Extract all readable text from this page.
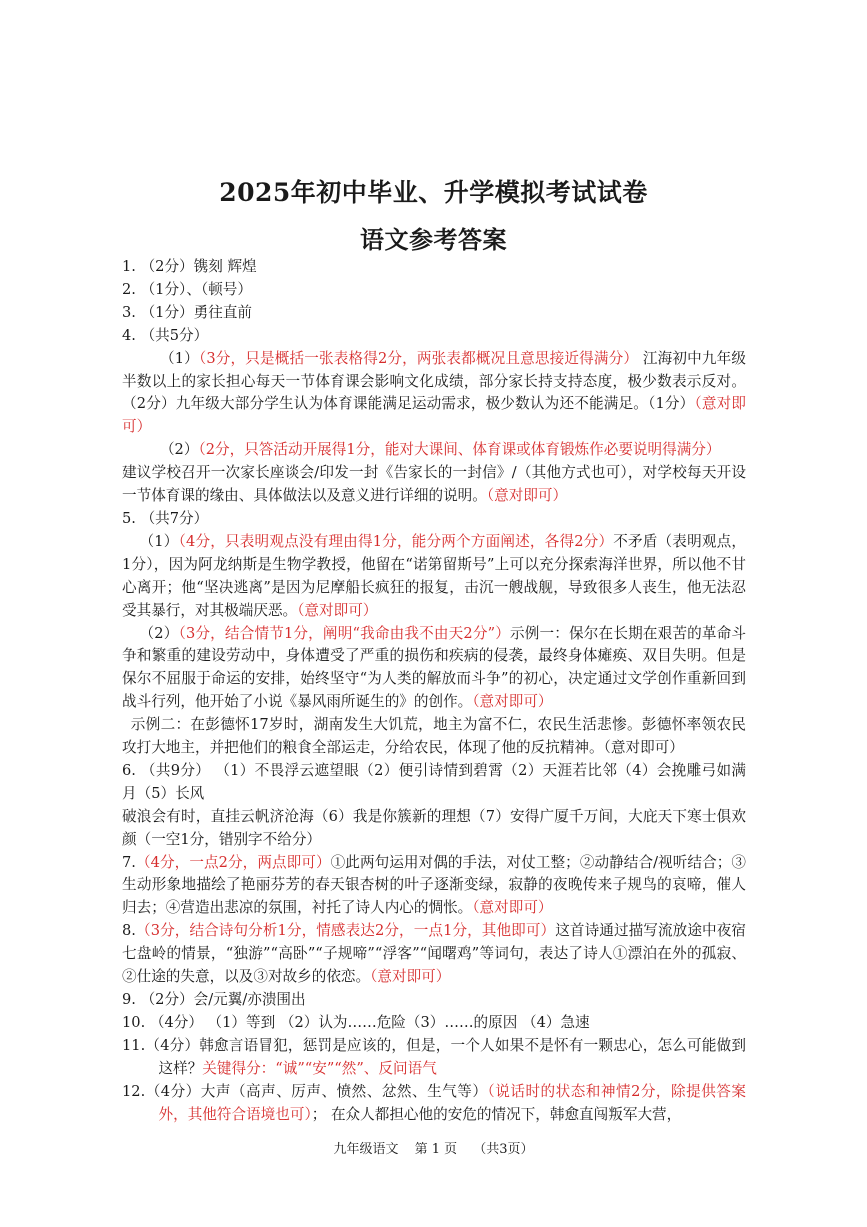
2025年初中毕业、升学模拟考试试卷
语文参考答案

1. （2分）镌刻 辉煌

2. （1分）、（顿号）

3. （1分）勇往直前

4. （共5分）

（1）（3分，只是概括一张表格得2分，两张表都概况且意思接近得满分） 江海初中九年级半数以上的家长担心每天一节体育课会影响文化成绩，部分家长持支持态度，极少数表示反对。（2分）九年级大部分学生认为体育课能满足运动需求，极少数认为还不能满足。（1分）（意对即可）

（2）（2分，只答活动开展得1分，能对大课间、体育课或体育锻炼作必要说明得满分）

建议学校召开一次家长座谈会/印发一封《告家长的一封信》/（其他方式也可），对学校每天开设一节体育课的缘由、具体做法以及意义进行详细的说明。（意对即可）

5. （共7分）

（1）（4分，只表明观点没有理由得1分，能分两个方面阐述，各得2分）不矛盾（表明观点，1分），因为阿龙纳斯是生物学教授，他留在“诺第留斯号”上可以充分探索海洋世界，所以他不甘心离开；他“坚决逃离”是因为尼摩船长疯狂的报复，击沉一艘战舰，导致很多人丧生，他无法忍受其暴行，对其极端厌恶。（意对即可）

（2）（3分，结合情节1分，阐明“我命由我不由天2分”）示例一：保尔在长期在艰苦的革命斗争和繁重的建设劳动中，身体遭受了严重的损伤和疾病的侵袭，最终身体瘫痪、双目失明。但是保尔不屈服于命运的安排，始终坚守“为人类的解放而斗争”的初心，决定通过文学创作重新回到战斗行列，他开始了小说《暴风雨所诞生的》的创作。（意对即可）

示例二：在彭德怀17岁时，湖南发生大饥荒，地主为富不仁，农民生活悲惨。彭德怀率领农民攻打大地主，并把他们的粮食全部运走，分给农民，体现了他的反抗精神。（意对即可）

6. （共9分） （1）不畏浮云遮望眼（2）便引诗情到碧霄（2）天涯若比邻（4）会挽雕弓如满月（5）长风

破浪会有时，直挂云帆济沧海（6）我是你簇新的理想（7）安得广厦千万间，大庇天下寒士俱欢颜（一空1分，错别字不给分）

7.（4分，一点2分，两点即可）①此两句运用对偶的手法，对仗工整；②动静结合/视听结合；③生动形象地描绘了艳丽芬芳的春天银杏树的叶子逐渐变绿，寂静的夜晚传来子规鸟的哀啼，催人归去；④营造出悲凉的氛围，衬托了诗人内心的惆怅。（意对即可）

8.（3分，结合诗句分析1分，情感表达2分，一点1分，其他即可）这首诗通过描写流放途中夜宿七盘岭的情景，“独游”“高卧”“子规啼”“浮客”“闻曙鸡”等词句，表达了诗人①漂泊在外的孤寂、②仕途的失意，以及③对故乡的依恋。（意对即可）

9. （2分）会/元翼/亦溃围出

10. （4分） （1）等到 （2）认为……危险（3）……的原因 （4）急速

11.（4分）韩愈言语冒犯，惩罚是应该的，但是，一个人如果不是怀有一颗忠心，怎么可能做到这样？关键得分：“诚”“安”“然”、反问语气

12.（4分）大声（高声、厉声、愤然、忿然、生气等）（说话时的状态和神情2分，除提供答案外，其他符合语境也可）； 在众人都担心他的安危的情况下，韩愈直闯叛军大营，

九年级语文 第 1 页 （共3页）
